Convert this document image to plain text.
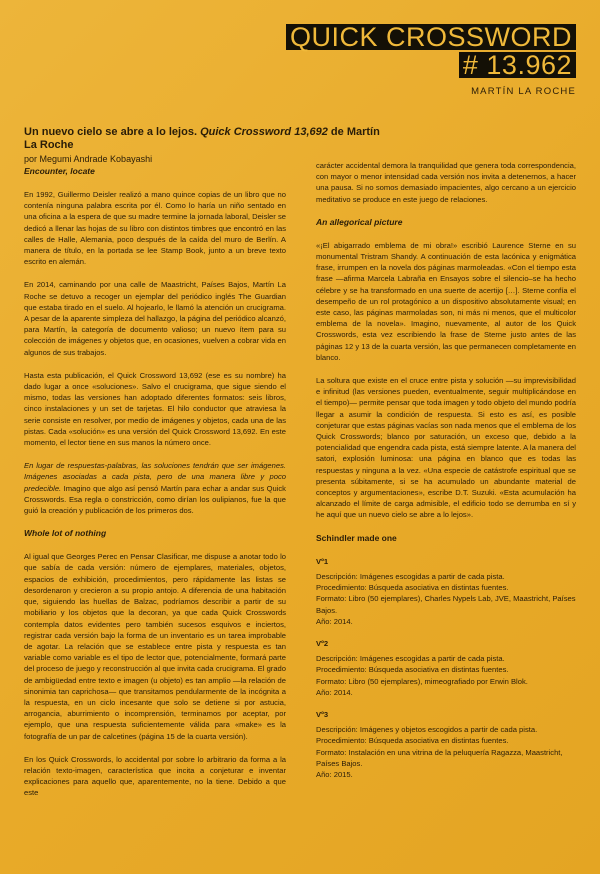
QUICK CROSSWORD
# 13.962
MARTÍN LA ROCHE
Un nuevo cielo se abre a lo lejos. Quick Crossword 13,692 de Martín La Roche
por Megumi Andrade Kobayashi
Encounter, locate

En 1992, Guillermo Deisler realizó a mano quince copias de un libro que no contenía ninguna palabra escrita por él. Como lo haría un niño sentado en una oficina a la espera de que su madre termine la jornada laboral, Deisler se dedicó a llenar las hojas de su libro con distintos timbres que encontró en las calles de Halle, Alemania, poco después de la caída del muro de Berlín. A manera de título, en la portada se lee Stamp Book, junto a un breve texto escrito en alemán.

En 2014, caminando por una calle de Maastricht, Países Bajos, Martín La Roche se detuvo a recoger un ejemplar del periódico inglés The Guardian que estaba tirado en el suelo. Al hojearlo, le llamó la atención un crucigrama. A pesar de la aparente simpleza del hallazgo, la página del periódico alcanzó, para Martín, la categoría de documento valioso; un nuevo ítem para su colección de imágenes y objetos que, en ocasiones, vuelven a cobrar vida en algunos de sus trabajos.

Hasta esta publicación, el Quick Crossword 13,692 (ese es su nombre) ha dado lugar a once «soluciones». Salvo el crucigrama, que sigue siendo el mismo, todas las versiones han adoptado diferentes formatos: seis libros, cinco instalaciones y un set de tarjetas. El hilo conductor que atraviesa la serie consiste en resolver, por medio de imágenes y objetos, cada una de las pistas. Cada «solución» es una versión del Quick Crossword 13,692. En este momento, el lector tiene en sus manos la número once.

En lugar de respuestas-palabras, las soluciones tendrán que ser imágenes. Imágenes asociadas a cada pista, pero de una manera libre y poco predecible. Imagino que algo así pensó Martín para echar a andar sus Quick Crosswords. Esa regla o constricción, como dirían los oulipianos, fue la que guió la creación y publicación de los primeros dos.

Whole lot of nothing

Al igual que Georges Perec en Pensar Clasificar, me dispuse a anotar todo lo que sabía de cada versión: número de ejemplares, materiales, objetos, espacios de exhibición, procedimientos, pero rápidamente las listas se desordenaron y crecieron a su propio antojo. A diferencia de una habitación que, siguiendo las huellas de Balzac, podríamos describir a partir de su mobiliario y los objetos que la decoran, ya que cada Quick Crosswords contempla datos evidentes pero también sucesos esquivos e inciertos, registrar cada versión bajo la forma de un inventario es un tarea improbable de agotar. La relación que se establece entre pista y respuesta es tan variable como variable es el tipo de lector que, potencialmente, formará parte del proceso de juego y reconstrucción al que invita cada crucigrama. El grado de ambigüedad entre texto e imagen (u objeto) es tan amplio —la relación de sinonimia tan caprichosa— que transitamos pendularmente de la incógnita a la respuesta, en un ciclo incesante que solo se detiene si por astucia, arrogancia, aburrimiento o incomprensión, terminamos por aceptar, por ejemplo, que una respuesta suficientemente válida para «make» es la fotografía de un par de calcetines (página 15 de la cuarta versión).

En los Quick Crosswords, lo accidental por sobre lo arbitrario da forma a la relación texto-imagen, característica que incita a conjeturar e inventar explicaciones para aquello que, aparentemente, no la tiene. Debido a que este

carácter accidental demora la tranquilidad que genera toda correspondencia, con mayor o menor intensidad cada versión nos invita a detenernos, a hacer una pausa. Si no somos demasiado impacientes, algo cercano a un ejercicio meditativo se produce en este juego de relaciones.

An allegorical picture

«¡El abigarrado emblema de mi obra!» escribió Laurence Sterne en su monumental Tristram Shandy. A continuación de esta lacónica y enigmática frase, irrumpen en la novela dos páginas marmoleadas. «Con el tiempo esta frase —afirma Marcela Labraña en Ensayos sobre el silencio–se ha hecho célebre y se ha transformado en una suerte de acertijo […]. Sterne confía el desempeño de un rol protagónico a un dispositivo absolutamente visual; en este caso, las páginas marmoladas son, ni más ni menos, que el multicolor emblema de la novela». Imagino, nuevamente, al autor de los Quick Crosswords, esta vez escribiendo la frase de Sterne justo antes de las páginas 12 y 13 de la cuarta versión, las que permanecen completamente en blanco.

La soltura que existe en el cruce entre pista y solución —su imprevisibilidad e infinitud (las versiones pueden, eventualmente, seguir multiplicándose en el tiempo)— permite pensar que toda imagen y todo objeto del mundo podría llegar a asumir la condición de respuesta. Si esto es así, es posible conjeturar que estas páginas vacías son nada menos que el emblema de los Quick Crosswords; blanco por saturación, un exceso que, debido a la potencialidad que engendra cada pista, está siempre latente. A la manera del satori, explosión luminosa: una página en blanco que es todas las respuestas y ninguna a la vez. «Una especie de catástrofe espiritual que se presenta súbitamente, si se ha acumulado un abundante material de conceptos y argumentaciones», escribe D.T. Suzuki. «Esta acumulación ha alcanzado el límite de carga admisible, el edificio todo se derrumba en sí y he aquí que un nuevo cielo se abre a lo lejos».

Schindler made one
Vº1
Descripción: Imágenes escogidas a partir de cada pista.
Procedimiento: Búsqueda asociativa en distintas fuentes.
Formato: Libro (50 ejemplares), Charles Nypels Lab, JVE, Maastricht, Países Bajos.
Año: 2014.
Vº2
Descripción: Imágenes escogidas a partir de cada pista.
Procedimiento: Búsqueda asociativa en distintas fuentes.
Formato: Libro (50 ejemplares), mimeografiado por Erwin Blok.
Año: 2014.
Vº3
Descripción: Imágenes y objetos escogidos a partir de cada pista.
Procedimiento: Búsqueda asociativa en distintas fuentes.
Formato: Instalación en una vitrina de la peluquería Ragazza, Maastricht, Países Bajos.
Año: 2015.
